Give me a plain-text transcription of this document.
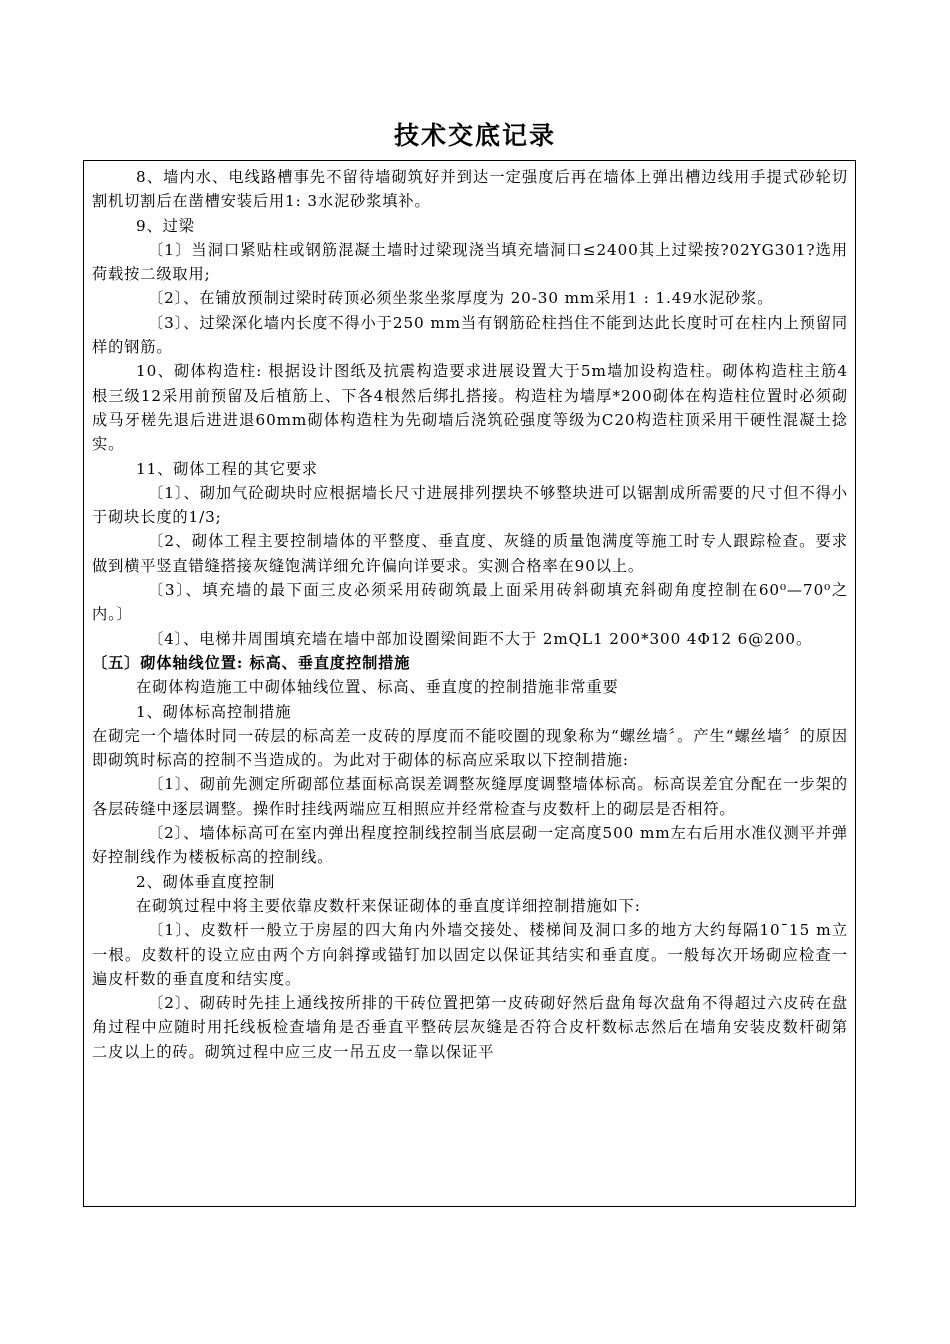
技术交底记录

8、墙内水、电线路槽事先不留待墙砌筑好并到达一定强度后再在墙体上弹出槽边线用手提式砂轮切割机切割后在凿槽安装后用1: 3水泥砂浆填补。

9、过梁

〔1〕当洞口紧贴柱或钢筋混凝土墙时过梁现浇当填充墙洞口≤2400其上过梁按?02YG301?选用荷载按二级取用;

〔2〕、在铺放预制过梁时砖顶必须坐浆坐浆厚度为 20-30 mm采用1 : 1.49水泥砂浆。

〔3〕、过梁深化墙内长度不得小于250 mm当有钢筋砼柱挡住不能到达此长度时可在柱内上预留同样的钢筋。

10、砌体构造柱: 根据设计图纸及抗震构造要求进展设置大于5m墙加设构造柱。砌体构造柱主筋4根三级12采用前预留及后植筋上、下各4根然后绑扎搭接。构造柱为墙厚*200砌体在构造柱位置时必须砌成马牙槎先退后进进退60mm砌体构造柱为先砌墙后浇筑砼强度等级为C20构造柱顶采用干硬性混凝土捻实。

11、砌体工程的其它要求

〔1〕、砌加气砼砌块时应根据墙长尺寸进展排列摆块不够整块进可以锯割成所需要的尺寸但不得小于砌块长度的1/3;

〔2、砌体工程主要控制墙体的平整度、垂直度、灰缝的质量饱满度等施工时专人跟踪检查。要求做到横平竖直错缝搭接灰缝饱满详细允许偏向详要求。实测合格率在90以上。

〔3〕、填充墙的最下面三皮必须采用砖砌筑最上面采用砖斜砌填充斜砌角度控制在60⁰—70⁰之内。〕

〔4〕、电梯井周围填充墙在墙中部加设圈梁间距不大于 2mQL1 200*300 4Φ12 6@200。

〔五〕砌体轴线位置: 标高、垂直度控制措施

在砌体构造施工中砌体轴线位置、标高、垂直度的控制措施非常重要

1、砌体标高控制措施

在砌完一个墙体时同一砖层的标高差一皮砖的厚度而不能咬圈的现象称为“螺丝墙〞。产生“螺丝墙〞的原因即砌筑时标高的控制不当造成的。为此对于砌体的标高应采取以下控制措施:

〔1〕、砌前先测定所砌部位基面标高误差调整灰缝厚度调整墙体标高。标高误差宜分配在一步架的各层砖缝中逐层调整。操作时挂线两端应互相照应并经常检查与皮数杆上的砌层是否相符。

〔2〕、墙体标高可在室内弹出程度控制线控制当底层砌一定高度500 mm左右后用水准仪测平并弹好控制线作为楼板标高的控制线。

2、砌体垂直度控制

在砌筑过程中将主要依靠皮数杆来保证砌体的垂直度详细控制措施如下:

〔1〕、皮数杆一般立于房屋的四大角内外墙交接处、楼梯间及洞口多的地方大约每隔10¯15 m立一根。皮数杆的设立应由两个方向斜撑或锚钉加以固定以保证其结实和垂直度。一般每次开场砌应检查一遍皮杆数的垂直度和结实度。

〔2〕、砌砖时先挂上通线按所排的干砖位置把第一皮砖砌好然后盘角每次盘角不得超过六皮砖在盘角过程中应随时用托线板检查墙角是否垂直平整砖层灰缝是否符合皮杆数标志然后在墙角安装皮数杆砌第二皮以上的砖。砌筑过程中应三皮一吊五皮一靠以保证平
